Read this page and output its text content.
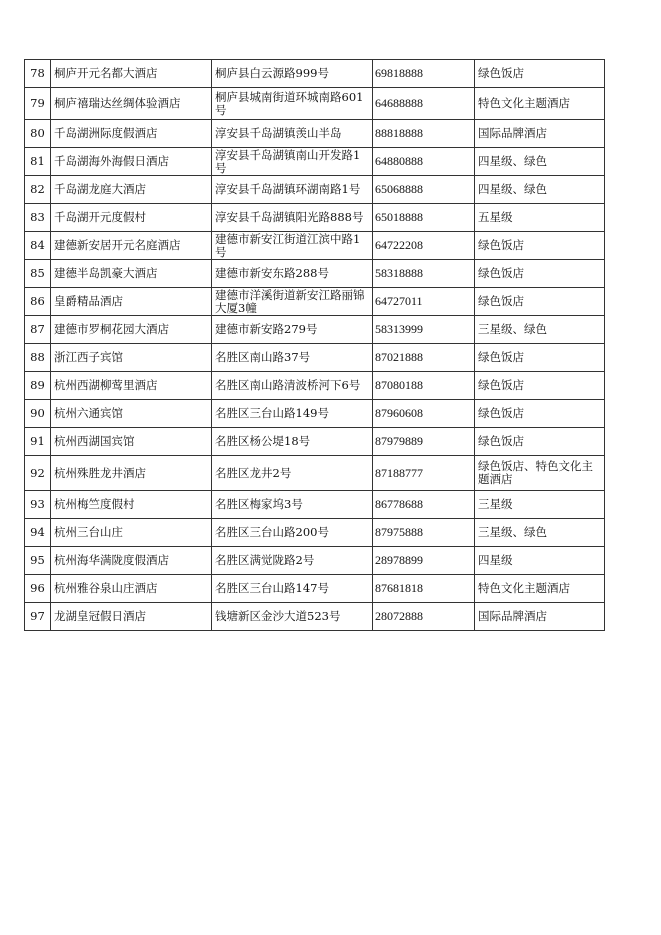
78	桐庐开元名都大酒店	桐庐县白云源路999号	69818888	绿色饭店
79	桐庐禧瑞达丝绸体验酒店	桐庐县城南街道环城南路601号	64688888	特色文化主题酒店
80	千岛湖洲际度假酒店	淳安县千岛湖镇羡山半岛	88818888	国际品牌酒店
81	千岛湖海外海假日酒店	淳安县千岛湖镇南山开发路1号	64880888	四星级、绿色
82	千岛湖龙庭大酒店	淳安县千岛湖镇环湖南路1号	65068888	四星级、绿色
83	千岛湖开元度假村	淳安县千岛湖镇阳光路888号	65018888	五星级
84	建德新安居开元名庭酒店	建德市新安江街道江滨中路1号	64722208	绿色饭店
85	建德半岛凯豪大酒店	建德市新安东路288号	58318888	绿色饭店
86	皇爵精品酒店	建德市洋溪街道新安江路丽锦大厦3幢	64727011	绿色饭店
87	建德市罗桐花园大酒店	建德市新安路279号	58313999	三星级、绿色
88	浙江西子宾馆	名胜区南山路37号	87021888	绿色饭店
89	杭州西湖柳莺里酒店	名胜区南山路清波桥河下6号	87080188	绿色饭店
90	杭州六通宾馆	名胜区三台山路149号	87960608	绿色饭店
91	杭州西湖国宾馆	名胜区杨公堤18号	87979889	绿色饭店
92	杭州殊胜龙井酒店	名胜区龙井2号	87188777	绿色饭店、特色文化主题酒店
93	杭州梅竺度假村	名胜区梅家坞3号	86778688	三星级
94	杭州三台山庄	名胜区三台山路200号	87975888	三星级、绿色
95	杭州海华满陇度假酒店	名胜区满觉陇路2号	28978899	四星级
96	杭州雅谷泉山庄酒店	名胜区三台山路147号	87681818	特色文化主题酒店
97	龙湖皇冠假日酒店	钱塘新区金沙大道523号	28072888	国际品牌酒店
